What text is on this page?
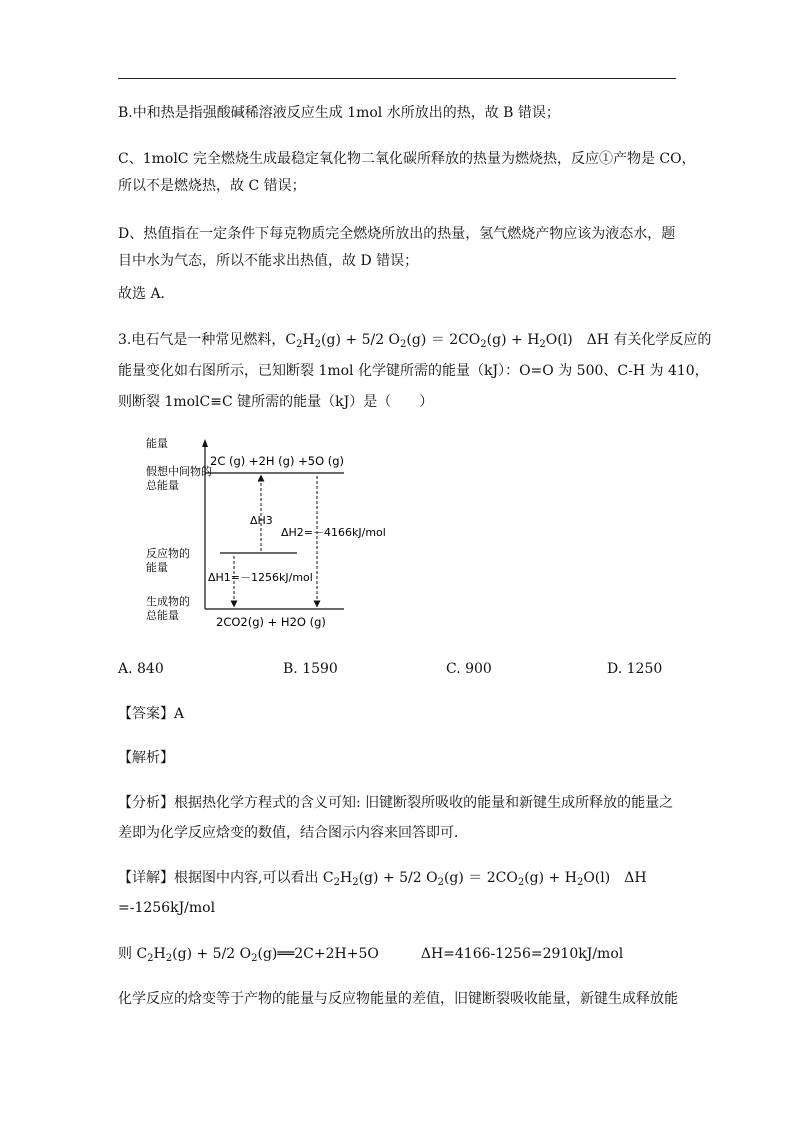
B.中和热是指强酸碱稀溶液反应生成 1mol 水所放出的热，故 B 错误；
C、1molC 完全燃烧生成最稳定氧化物二氧化碳所释放的热量为燃烧热，反应①产物是 CO，
所以不是燃烧热，故 C 错误；
D、热值指在一定条件下每克物质完全燃烧所放出的热量，氢气燃烧产物应该为液态水，题
目中水为气态，所以不能求出热值，故 D 错误；
故选 A．
3.电石气是一种常见燃料，$C_2H_2(g) + 5/2$ $O_2(g) = 2CO_2(g) + H_2O(l)$　ΔH 有关化学反应的
能量变化如右图所示，已知断裂 1mol 化学键所需的能量（kJ）：O=O 为 500、C-H 为 410，
则断裂 1molC≡C 键所需的能量（kJ）是（　　）
能量
假想中间物的
总能量
反应物的
能量
生成物的
总能量
2C (g) +2H (g) +5O (g)
2CO2(g) + H2O (g)
ΔH3
ΔH2=－4166kJ/mol
ΔH1=－1256kJ/mol
A. 840	B. 1590	C. 900	D. 1250
【答案】A
【解析】
【分析】根据热化学方程式的含义可知: 旧键断裂所吸收的能量和新键生成所释放的能量之
差即为化学反应焓变的数值，结合图示内容来回答即可．
【详解】根据图中内容,可以看出 $C_2H_2(g) + 5/2$ $O_2(g) = 2CO_2(g) + H_2O(l)$　ΔH
=-1256kJ/mol
则 $C_2H_2(g) + 5/2$ $O_2(g)══2C+2H+5O$　　　	ΔH=4166-1256=2910kJ/mol
化学反应的焓变等于产物的能量与反应物能量的差值，旧键断裂吸收能量，新键生成释放能
